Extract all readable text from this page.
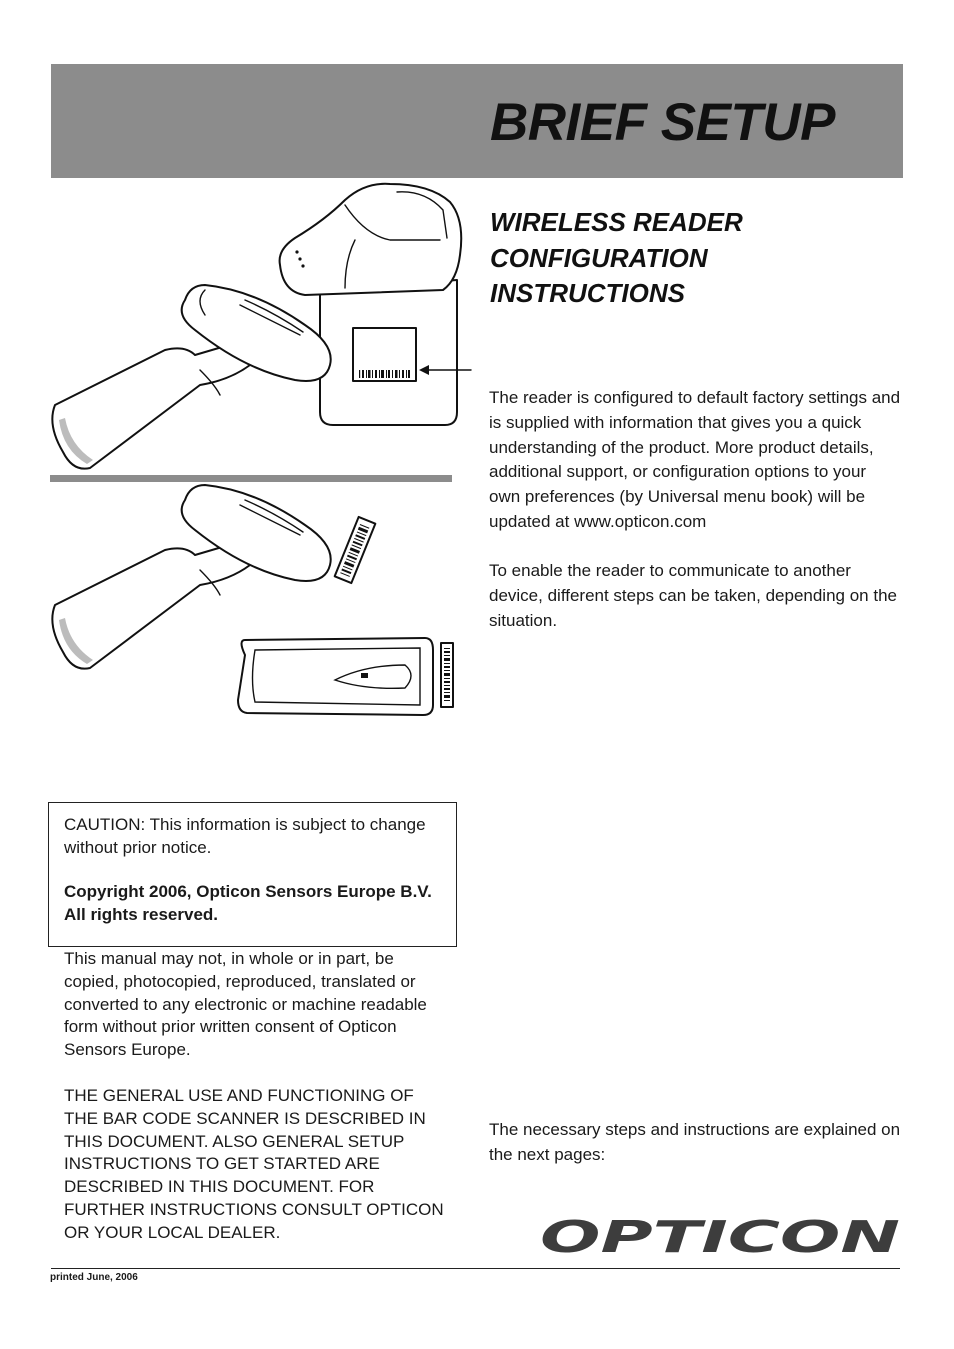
BRIEF SETUP
WIRELESS READER CONFIGURATION INSTRUCTIONS

The reader is configured to default factory settings and is supplied with information that gives you a quick understanding of the product. More product details, additional support, or configuration options to your own preferences (by Universal menu book) will be updated at www.opticon.com

To enable the reader to communicate to another device, different steps can be taken, depending on the situation.

CAUTION: This information is subject to change without prior notice.

Copyright 2006, Opticon Sensors Europe B.V. All rights reserved.

This manual may not, in whole or in part, be copied, photocopied, reproduced, translated or converted to any electronic or machine readable form without prior written consent of Opticon Sensors Europe.

THE GENERAL USE AND FUNCTIONING OF THE BAR CODE SCANNER IS DESCRIBED IN THIS DOCUMENT. ALSO GENERAL SETUP INSTRUCTIONS TO GET STARTED ARE DESCRIBED IN THIS DOCUMENT. FOR FURTHER INSTRUCTIONS CONSULT OPTICON OR YOUR LOCAL DEALER.

The necessary steps and instructions are explained on the next pages:

OPTICON

printed June, 2006
